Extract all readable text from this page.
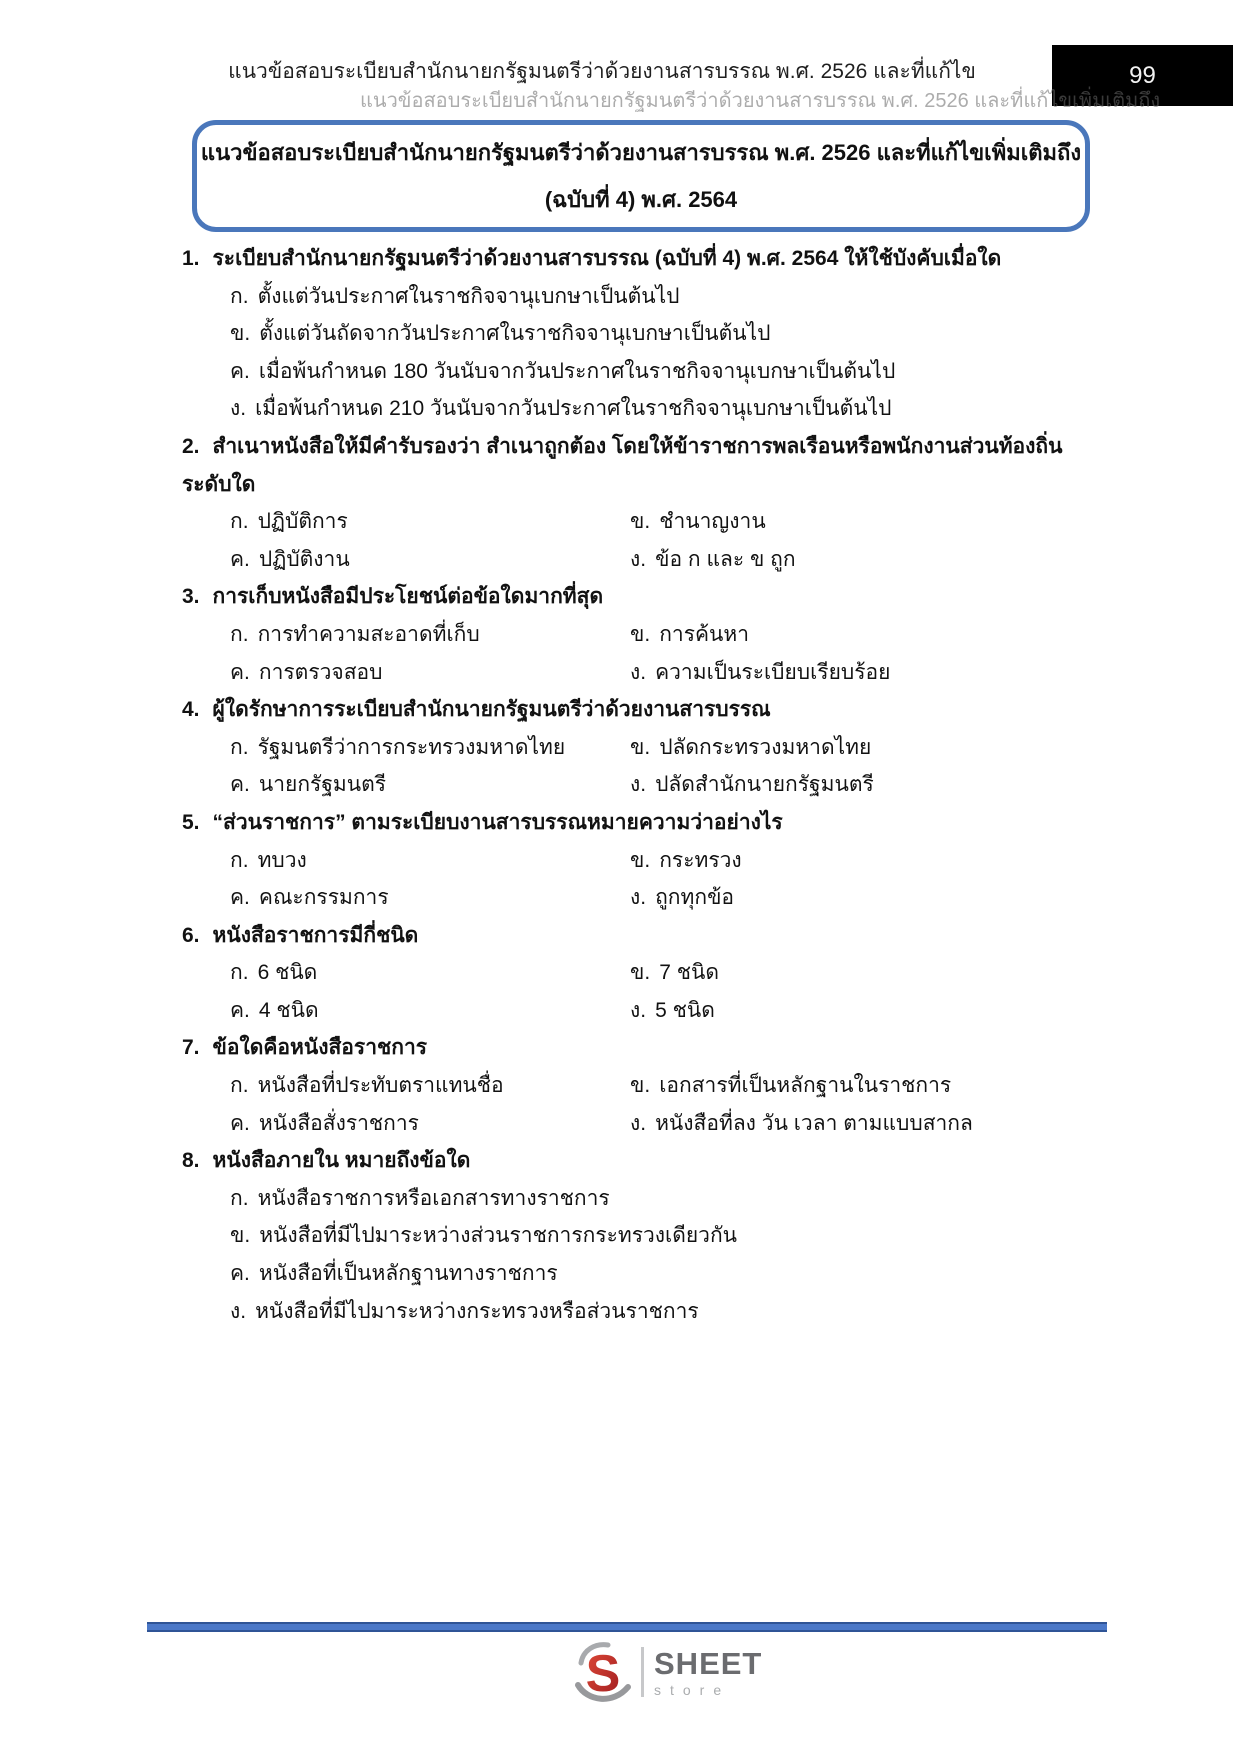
แนวข้อสอบระเบียบสำนักนายกรัฐมนตรีว่าด้วยงานสารบรรณ พ.ศ. 2526 และที่แก้ไข	99
แนวข้อสอบระเบียบสำนักนายกรัฐมนตรีว่าด้วยงานสารบรรณ พ.ศ. 2526 และที่แก้ไขเพิ่มเติมถึง
แนวข้อสอบระเบียบสำนักนายกรัฐมนตรีว่าด้วยงานสารบรรณ พ.ศ. 2526 และที่แก้ไขเพิ่มเติมถึง
(ฉบับที่ 4) พ.ศ. 2564
1. ระเบียบสำนักนายกรัฐมนตรีว่าด้วยงานสารบรรณ (ฉบับที่ 4) พ.ศ. 2564 ให้ใช้บังคับเมื่อใด
ก. ตั้งแต่วันประกาศในราชกิจจานุเบกษาเป็นต้นไป
ข. ตั้งแต่วันถัดจากวันประกาศในราชกิจจานุเบกษาเป็นต้นไป
ค. เมื่อพ้นกำหนด 180 วันนับจากวันประกาศในราชกิจจานุเบกษาเป็นต้นไป
ง. เมื่อพ้นกำหนด 210 วันนับจากวันประกาศในราชกิจจานุเบกษาเป็นต้นไป
2. สำเนาหนังสือให้มีคำรับรองว่า สำเนาถูกต้อง โดยให้ข้าราชการพลเรือนหรือพนักงานส่วนท้องถิ่น
ระดับใด
ก. ปฏิบัติการ	ข. ชำนาญงาน
ค. ปฏิบัติงาน	ง. ข้อ ก และ ข ถูก
3. การเก็บหนังสือมีประโยชน์ต่อข้อใดมากที่สุด
ก. การทำความสะอาดที่เก็บ	ข. การค้นหา
ค. การตรวจสอบ	ง. ความเป็นระเบียบเรียบร้อย
4. ผู้ใดรักษาการระเบียบสำนักนายกรัฐมนตรีว่าด้วยงานสารบรรณ
ก. รัฐมนตรีว่าการกระทรวงมหาดไทย	ข. ปลัดกระทรวงมหาดไทย
ค. นายกรัฐมนตรี	ง. ปลัดสำนักนายกรัฐมนตรี
5. “ส่วนราชการ” ตามระเบียบงานสารบรรณหมายความว่าอย่างไร
ก. ทบวง	ข. กระทรวง
ค. คณะกรรมการ	ง. ถูกทุกข้อ
6. หนังสือราชการมีกี่ชนิด
ก. 6 ชนิด	ข. 7 ชนิด
ค. 4 ชนิด	ง. 5 ชนิด
7. ข้อใดคือหนังสือราชการ
ก. หนังสือที่ประทับตราแทนชื่อ	ข. เอกสารที่เป็นหลักฐานในราชการ
ค. หนังสือสั่งราชการ	ง. หนังสือที่ลง วัน เวลา ตามแบบสากล
8. หนังสือภายใน หมายถึงข้อใด
ก. หนังสือราชการหรือเอกสารทางราชการ
ข. หนังสือที่มีไปมาระหว่างส่วนราชการกระทรวงเดียวกัน
ค. หนังสือที่เป็นหลักฐานทางราชการ
ง. หนังสือที่มีไปมาระหว่างกระทรวงหรือส่วนราชการ
S SHEET
store
